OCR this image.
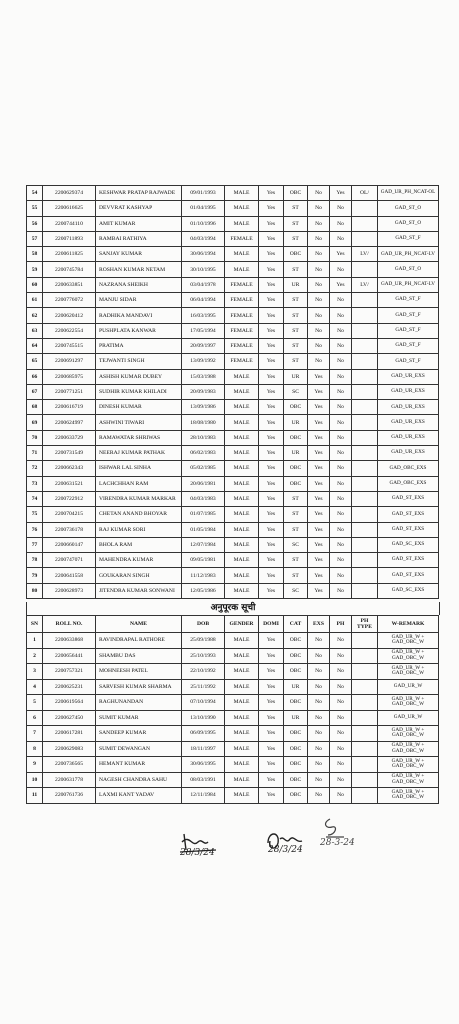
54	2200629374	KESHWAR PRATAP RAJWADE	09/01/1993	MALE	Yes	OBC	No	Yes	OL/	GAD_UR_PH_NCAT-OL
55	2200616625	DEVVRAT KASHYAP	01/04/1995	MALE	Yes	ST	No	No		GAD_ST_O
56	2200744110	AMIT KUMAR	01/10/1996	MALE	Yes	ST	No	No		GAD_ST_O
57	2200711893	RAMBAI RATHIYA	04/03/1994	FEMALE	Yes	ST	No	No		GAD_ST_F
58	2200611825	SANJAY KUMAR	30/06/1994	MALE	Yes	OBC	No	Yes	LV/	GAD_UR_PH_NCAT-LV
59	2200745784	ROSHAN KUMAR NETAM	30/10/1995	MALE	Yes	ST	No	No		GAD_ST_O
60	2200633851	NAZRANA SHEIKH	03/04/1978	FEMALE	Yes	UR	No	Yes	LV/	GAD_UR_PH_NCAT-LV
61	2200776072	MANJU SIDAR	06/04/1994	FEMALE	Yes	ST	No	No		GAD_ST_F
62	2200620412	RADHIKA MANDAVI	16/03/1995	FEMALE	Yes	ST	No	No		GAD_ST_F
63	2200622554	PUSHPLATA KANWAR	17/05/1994	FEMALE	Yes	ST	No	No		GAD_ST_F
64	2200745515	PRATIMA	20/09/1997	FEMALE	Yes	ST	No	No		GAD_ST_F
65	2200691297	TEJWANTI SINGH	13/09/1992	FEMALE	Yes	ST	No	No		GAD_ST_F
66	2200685975	ASHISH KUMAR DUBEY	15/03/1988	MALE	Yes	UR	Yes	No		GAD_UR_EXS
67	2200771251	SUDHIR KUMAR KHILADI	20/09/1983	MALE	Yes	SC	Yes	No		GAD_UR_EXS
68	2200616719	DINESH KUMAR	13/09/1986	MALE	Yes	OBC	Yes	No		GAD_UR_EXS
69	2200624997	ASHWINI TIWARI	18/08/1980	MALE	Yes	UR	Yes	No		GAD_UR_EXS
70	2200633729	RAMAWATAR SHRIWAS	28/10/1983	MALE	Yes	OBC	Yes	No		GAD_UR_EXS
71	2200731549	NEERAJ KUMAR PATHAK	06/02/1983	MALE	Yes	UR	Yes	No		GAD_UR_EXS
72	2200662343	ISHWAR LAL SINHA	05/02/1985	MALE	Yes	OBC	Yes	No		GAD_OBC_EXS
73	2200631521	LACHCHHAN RAM	20/06/1981	MALE	Yes	OBC	Yes	No		GAD_OBC_EXS
74	2200722912	VIRENDRA KUMAR MARKAR	04/03/1983	MALE	Yes	ST	Yes	No		GAD_ST_EXS
75	2200704215	CHETAN ANAND BHOYAR	01/07/1985	MALE	Yes	ST	Yes	No		GAD_ST_EXS
76	2200736178	RAJ KUMAR SORI	01/05/1984	MALE	Yes	ST	Yes	No		GAD_ST_EXS
77	2200660147	BHOLA RAM	12/07/1984	MALE	Yes	SC	Yes	No		GAD_SC_EXS
78	2200747071	MAHENDRA KUMAR	09/05/1981	MALE	Yes	ST	Yes	No		GAD_ST_EXS
79	2200641558	GOUKARAN SINGH	11/12/1983	MALE	Yes	ST	Yes	No		GAD_ST_EXS
80	2200628973	JITENDRA KUMAR SONWANI	12/05/1986	MALE	Yes	SC	Yes	No		GAD_SC_EXS
अनुपूरक सूची
SN	ROLL NO.	NAME	DOB	GENDER	DOMI	CAT	EXS	PH	PH TYPE	W-REMARK
1	2200633868	RAVINDRAPAL RATHORE	25/09/1988	MALE	Yes	OBC	No	No		GAD_UR_W + GAD_OBC_W
2	2200656441	SHAMBU DAS	25/10/1993	MALE	Yes	OBC	No	No		GAD_UR_W + GAD_OBC_W
3	2200757321	MOHNEESH PATEL	22/10/1992	MALE	Yes	OBC	No	No		GAD_UR_W + GAD_OBC_W
4	2200625231	SARVESH KUMAR SHARMA	25/11/1992	MALE	Yes	UR	No	No		GAD_UR_W
5	2200619564	RAGHUNANDAN	07/10/1994	MALE	Yes	OBC	No	No		GAD_UR_W + GAD_OBC_W
6	2200627450	SUMIT KUMAR	13/10/1990	MALE	Yes	UR	No	No		GAD_UR_W
7	2200617281	SANDEEP KUMAR	06/09/1995	MALE	Yes	OBC	No	No		GAD_UR_W + GAD_OBC_W
8	2200629083	SUMIT DEWANGAN	18/11/1997	MALE	Yes	OBC	No	No		GAD_UR_W + GAD_OBC_W
9	2200736565	HEMANT KUMAR	30/06/1995	MALE	Yes	OBC	No	No		GAD_UR_W + GAD_OBC_W
10	2200631778	NAGESH CHANDRA SAHU	08/03/1991	MALE	Yes	OBC	No	No		GAD_UR_W + GAD_OBC_W
11	2200761736	LAXMI KANT YADAV	12/11/1984	MALE	Yes	OBC	No	No		GAD_UR_W + GAD_OBC_W
28/3/24	28/3/24
28-3-24
